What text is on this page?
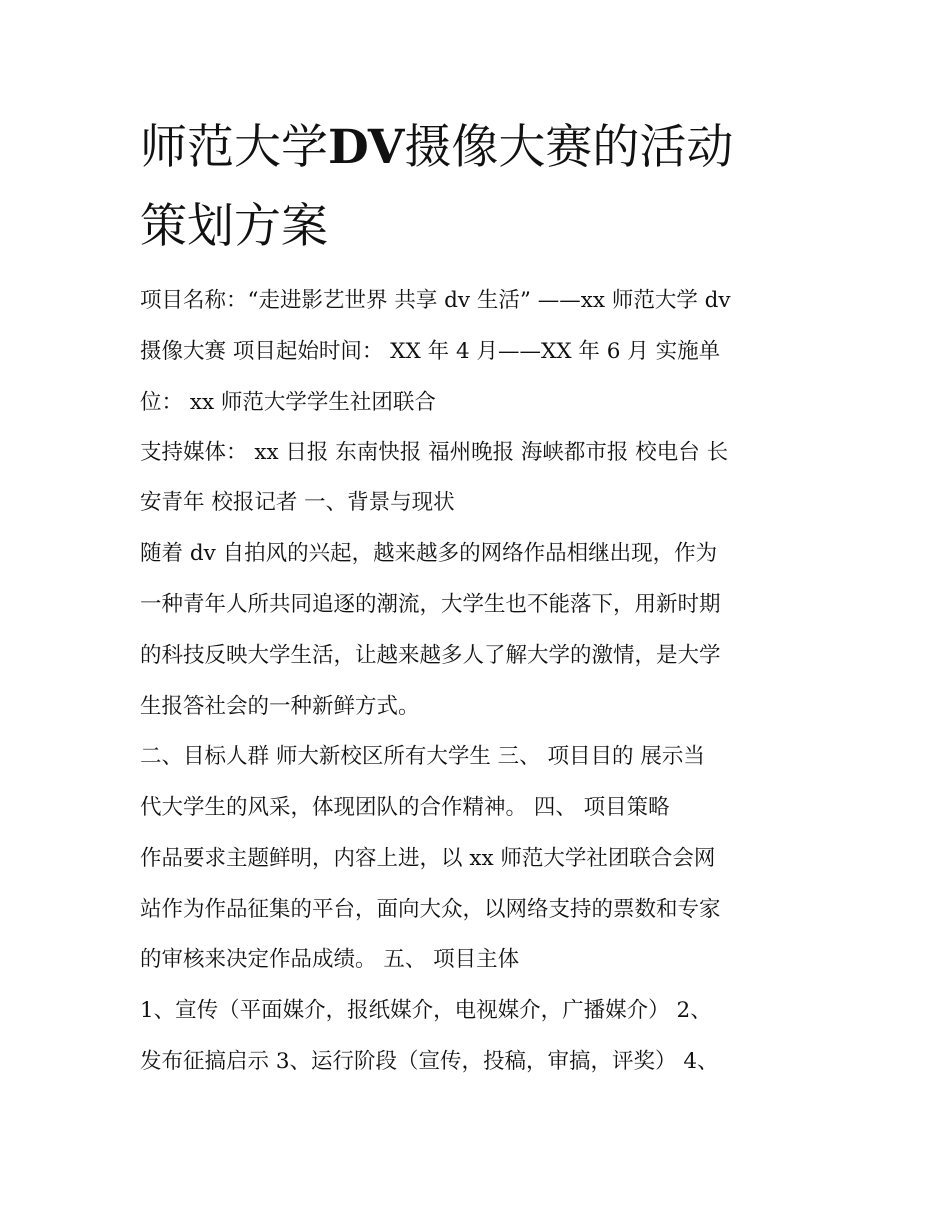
师范大学DV摄像大赛的活动
策划方案

项目名称：“走进影艺世界 共享 dv 生活” ——xx 师范大学 dv

摄像大赛 项目起始时间： XX 年 4 月——XX 年 6 月 实施单

位： xx 师范大学学生社团联合

支持媒体： xx 日报 东南快报 福州晚报 海峡都市报 校电台 长

安青年 校报记者 一、背景与现状

随着 dv 自拍风的兴起，越来越多的网络作品相继出现，作为

一种青年人所共同追逐的潮流，大学生也不能落下，用新时期

的科技反映大学生活，让越来越多人了解大学的激情，是大学

生报答社会的一种新鲜方式。

二、目标人群 师大新校区所有大学生 三、 项目目的 展示当

代大学生的风采，体现团队的合作精神。 四、 项目策略

作品要求主题鲜明，内容上进，以 xx 师范大学社团联合会网

站作为作品征集的平台，面向大众，以网络支持的票数和专家

的审核来决定作品成绩。 五、 项目主体

1、宣传（平面媒介，报纸媒介，电视媒介，广播媒介） 2、

发布征搞启示 3、运行阶段（宣传，投稿，审搞，评奖） 4、
